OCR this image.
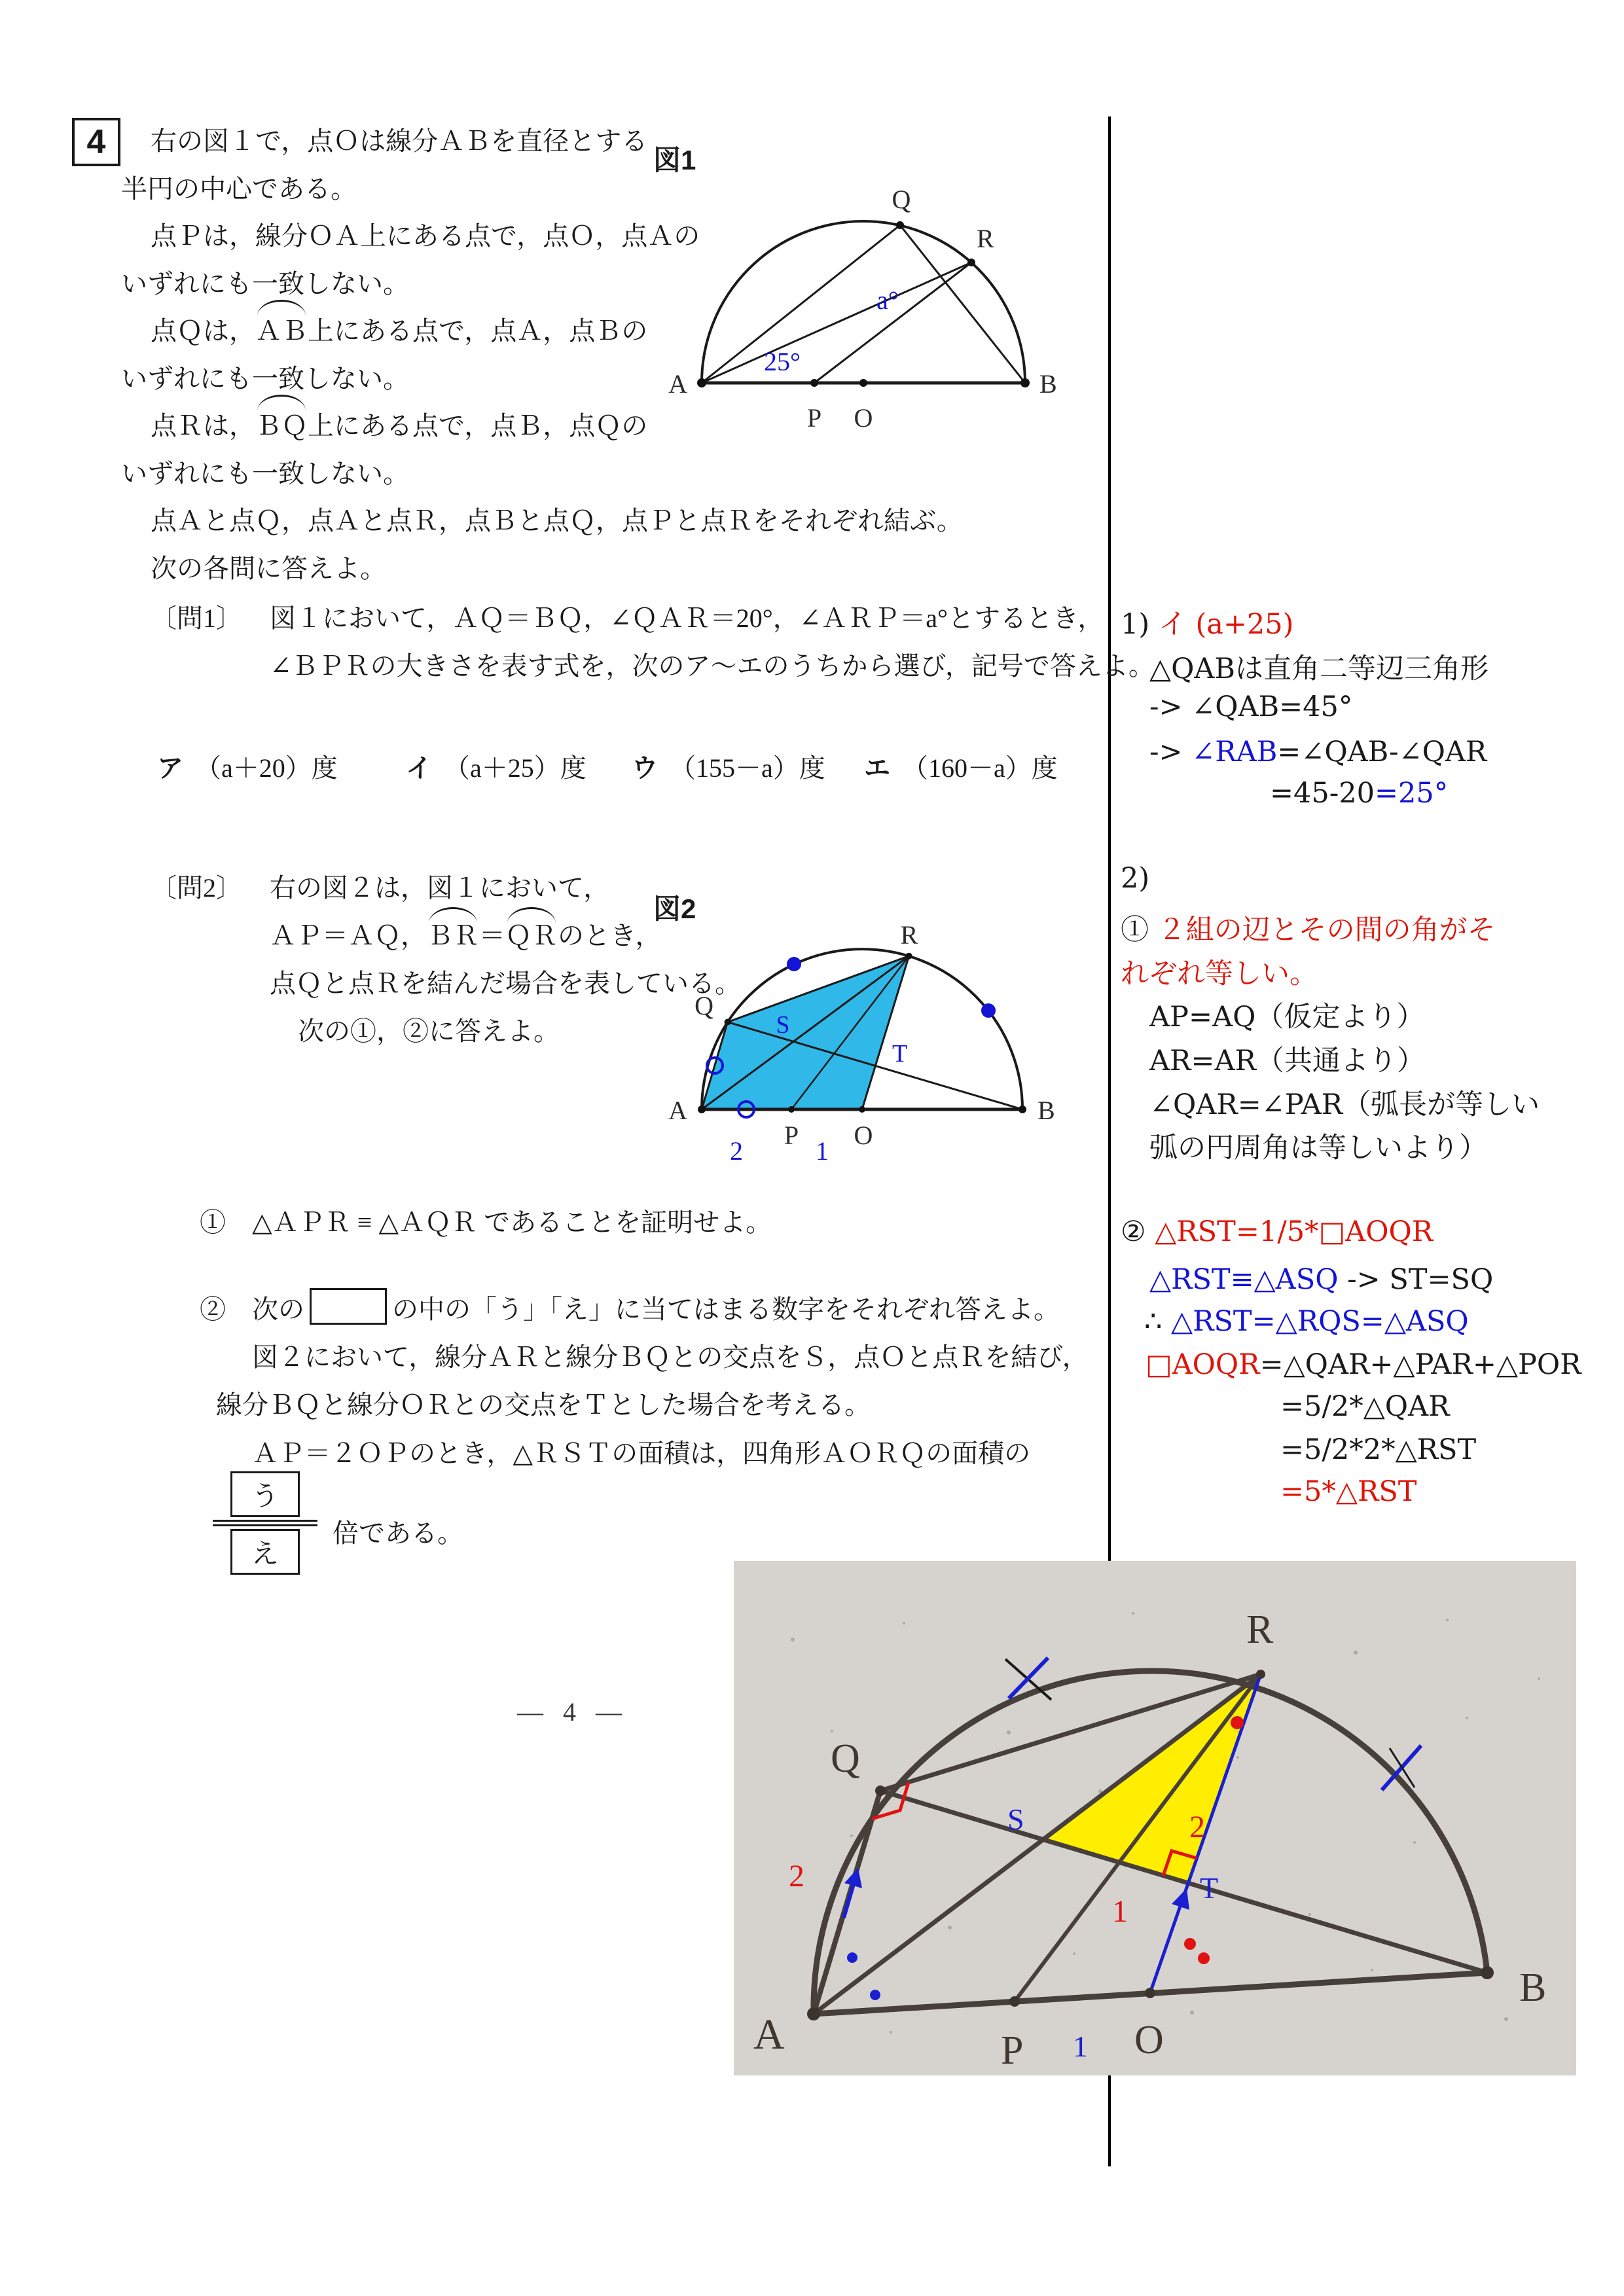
4	右の図１で，点Ｏは線分ＡＢを直径とする
半円の中心である。
点Ｐは，線分ＯＡ上にある点で，点Ｏ，点Ａの
いずれにも一致しない。
点Ｑは，ＡＢ上にある点で，点Ａ，点Ｂの
いずれにも一致しない。
点Ｒは，ＢＱ上にある点で，点Ｂ，点Ｑの
いずれにも一致しない。
点Ａと点Ｑ，点Ａと点Ｒ，点Ｂと点Ｑ，点Ｐと点Ｒをそれぞれ結ぶ。
次の各問に答えよ。
図1
A	B
P O
Q
R
25°
a°
〔問1〕 図１において，ＡＱ＝ＢＱ，∠ＱＡＲ＝20°，∠ＡＲＰ＝a°とするとき，
∠ＢＰＲの大きさを表す式を，次のア～エのうちから選び，記号で答えよ。
ア （a＋20）度	イ （a＋25）度 ウ （155－a）度 エ （160－a）度
〔問2〕 右の図２は，図１において，
ＡＰ＝ＡＱ，ＢＲ＝ＱＲのとき，
点Ｑと点Ｒを結んだ場合を表している。
次の①，②に答えよ。
図2
Q
R
A	B
P O
S
T
2	1
①　△ＡＰＲ ≡ △ＡＱＲ であることを証明せよ。
②　次の	の中の「う」「え」に当てはまる数字をそれぞれ答えよ。
図２において，線分ＡＲと線分ＢＱとの交点をＳ，点Ｏと点Ｒを結び，
線分ＢＱと線分ＯＲとの交点をＴとした場合を考える。
ＡＰ＝２ＯＰのとき，△ＲＳＴの面積は，四角形ＡＯＲＱの面積の
う
え
倍である。
― 4 ―
1) イ (a+25)
△QABは直角二等辺三角形
-> ∠QAB=45°
-> ∠RAB=∠QAB-∠QAR
=45-20=25°
2)
① ２組の辺とその間の角がそ
れぞれ等しい。
AP=AQ（仮定より）
AR=AR（共通より）
∠QAR=∠PAR（弧長が等しい
弧の円周角は等しいより）
② △RST=1/5*□AOQR
△RST≡△ASQ -> ST=SQ
∴ △RST=△RQS=△ASQ
□AOQR=△QAR+△PAR+△POR
=5/2*△QAR
=5/2*2*△RST
=5*△RST
A
Q
R
P	O
B
S
T
1
2
2
1
